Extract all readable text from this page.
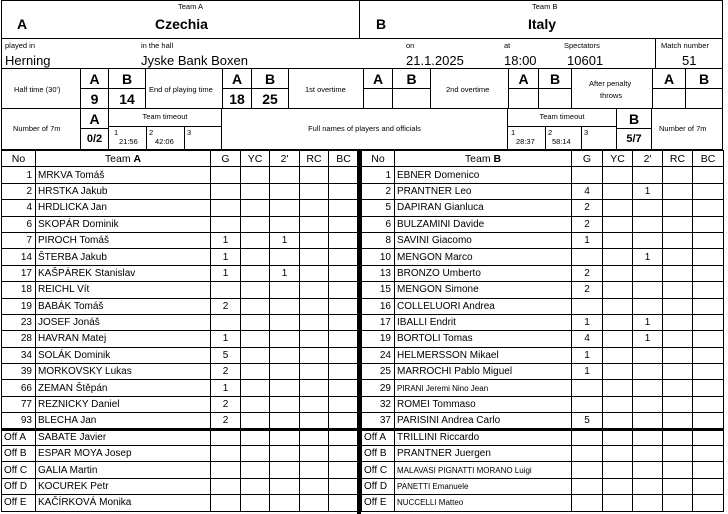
Team A
A	Czechia
Team B
B	Italy
played in
Herning
in the hall
Jyske Bank Boxen
on
21.1.2025
at
18:00
Spectators
10601
Match number
51
Half time (30')
A
9
B
14
End of playing time
A
18
B
25
1st overtime
A	B
2nd overtime
A	B	After penalty
throws
A	B
Number of 7m
A
0/2
Team timeout
1
21:56
2
42:06
3	Full names of players and officials
Team timeout
1
28:37
2
58:14
3
B
5/7
Number of 7m
No	Team A	G	YC	2'	RC	BC
1	MRKVA Tomáš					
2	HRSTKA Jakub					
4	HRDLICKA Jan					
6	SKOPÁR Dominik					
7	PIROCH Tomáš	1		1		
14	ŠTERBA Jakub	1				
17	KAŠPÁREK Stanislav	1		1		
18	REICHL Vít					
19	BABÁK Tomáš	2				
23	JOSEF Jonáš					
28	HAVRAN Matej	1				
34	SOLÁK Dominik	5				
39	MORKOVSKY Lukas	2				
66	ZEMAN Štěpán	1				
77	REZNICKY Daniel	2				
93	BLECHA Jan	2				
Off A	SABATE Javier					
Off B	ESPAR MOYA Josep					
Off C	GALIA Martin					
Off D	KOCUREK Petr					
Off E	KAČÍRKOVÁ Monika					
No	Team B	G	YC	2'	RC	BC
1	EBNER Domenico					
2	PRANTNER Leo	4		1		
5	DAPIRAN Gianluca	2				
6	BULZAMINI Davide	2				
8	SAVINI Giacomo	1				
10	MENGON Marco			1		
13	BRONZO Umberto	2				
15	MENGON Simone	2				
16	COLLELUORI Andrea					
17	IBALLI Endrit	1		1		
19	BORTOLI Tomas	4		1		
24	HELMERSSON Mikael	1				
25	MARROCHI Pablo Miguel	1				
29	PIRANI Jeremi Nino Jean					
32	ROMEI Tommaso					
37	PARISINI Andrea Carlo	5				
Off A	TRILLINI Riccardo					
Off B	PRANTNER Juergen					
Off C	MALAVASI PIGNATTI MORANO Luigi					
Off D	PANETTI Emanuele					
Off E	NUCCELLI Matteo					
